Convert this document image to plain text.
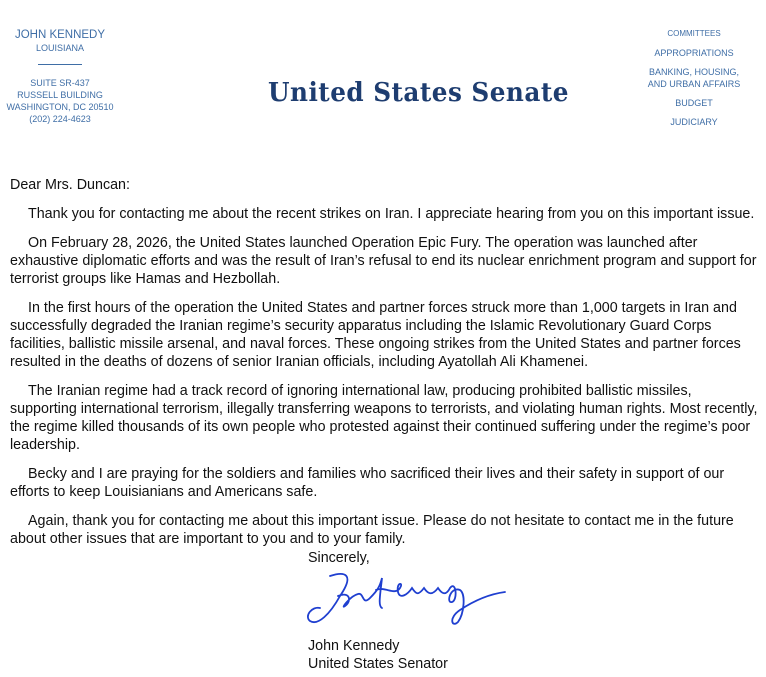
JOHN KENNEDY
LOUISIANA
SUITE SR-437
RUSSELL BUILDING
WASHINGTON, DC 20510
(202) 224-4623
United States Senate
COMMITTEES
APPROPRIATIONS
BANKING, HOUSING, AND URBAN AFFAIRS
BUDGET
JUDICIARY

Dear Mrs. Duncan:

Thank you for contacting me about the recent strikes on Iran. I appreciate hearing from you on this important issue.

On February 28, 2026, the United States launched Operation Epic Fury. The operation was launched after exhaustive diplomatic efforts and was the result of Iran’s refusal to end its nuclear enrichment program and support for terrorist groups like Hamas and Hezbollah.

In the first hours of the operation the United States and partner forces struck more than 1,000 targets in Iran and successfully degraded the Iranian regime’s security apparatus including the Islamic Revolutionary Guard Corps facilities, ballistic missile arsenal, and naval forces. These ongoing strikes from the United States and partner forces resulted in the deaths of dozens of senior Iranian officials, including Ayatollah Ali Khamenei.

The Iranian regime had a track record of ignoring international law, producing prohibited ballistic missiles, supporting international terrorism, illegally transferring weapons to terrorists, and violating human rights. Most recently, the regime killed thousands of its own people who protested against their continued suffering under the regime’s poor leadership.

Becky and I are praying for the soldiers and families who sacrificed their lives and their safety in support of our efforts to keep Louisianians and Americans safe.

Again, thank you for contacting me about this important issue. Please do not hesitate to contact me in the future about other issues that are important to you and to your family.

Sincerely,
John Kennedy
United States Senator
